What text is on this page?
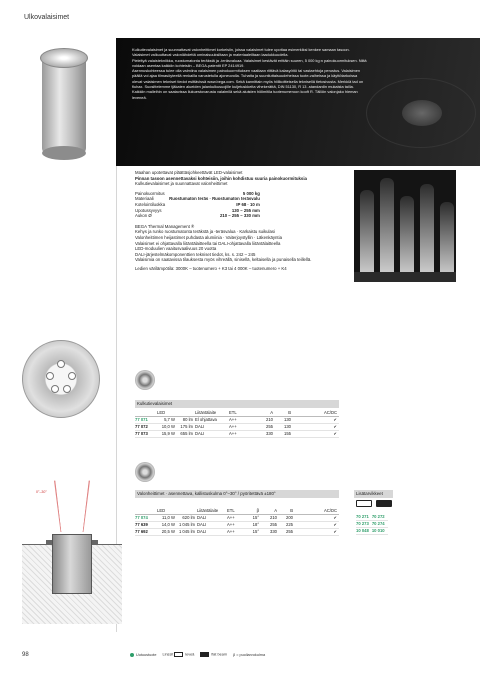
Ulkovalaisimet

Kulkutievalaisimet ja suunnattavat valonheittimet korkeisiin, joissa valaisimet tulee upottaa esimerkiksi kenkee samaan tasoon. Valaisimet valkuuttavat valonlähdettä ominaisuuksiltaan ja materiaaleiltaan laadukkuudella.

Pieleltyä valaistekniikka, ruostumatonta teräkstä ja -teräsvaluaa. Valaisimet kestävät erittäin suuren, 5 000 kg:n painokuormituksen. Niitä voidaan asentaa kaikkiin kohteisiin – BEGA-patentit EP 2414919.

Asennuskohteessa tulee olla valmiina valaisimen painokuormituksen vaatiaan riittävä kalasyöttö tai vastaehtoja perustus. Valaisimen päällä voi ajaa tilmasöyteellä renkailla varustetulla ajoneuvolla. Tuhatta ja suuntiuttaisuudeheissa tuote-valheissa ja käyttötarkoissa olevat valaisimen tekniset tiedot esittävissä www.bega.com. Sekä kannittain myös hiilikoitteisella teknisellä tietosivusta. Merkkiä tad on fiuhax. Suosittelemme tjäkaten alueiden jalankulkusuojille kuljetuskkeita vihekerättä, DIN 51130, R 13 -standardin mukaista tailia. Kaikkiin malleihin on saatavissa liukuestovarusta valaimilä sekä aluisten hölimitila tuotenumeroon kooft R. Tällöin valonjako hieman leveneä.

Maahan upotettavat pläättäsjohkeettävät LED-valaisimet
Pinnan tasoon asennettavaksi kohteisiin, joihin kohdistuu suuria painokuormituksia
Kulkutievalaisimet ja suunnattavat valonheittimet
Painokuormitus	5 000 kg
Materiaali	Ruostumaton teräs · Ruostumaton teräsvalu
Kotelointiluokka	IP 68 · 10 m
Upotussyvyys	130 – 255 mm
Aukon Ø	210 – 255 – 330 mm
BEGA Thermal Management ®
Kehys ja runko ruostumatonta teräkstä ja -teräsvalua · Karkaistu suikulasi
Valonheittimen heijastimet puhdasta alumiinia · Vaiterjoystyllin · Läkenkäyntia
Valaisimet ei ohjattavalla liitäntälaitteella tai DALI-ohjattavalla liitäntälaitteella
LED-moduulien vaaitusvaalivuus 20 vuotta
DALI-järjestelmäkomponenttien tekniset tiedot, ks. s. 242 – 245
Valaisimia on saatavissa tilauksesta myös vihreällä, sinisellä, keltaisella ja punaisella teillellä.
Ledien värilämpötila: 3000K – tuotenumero + K3 tai 4 000K – tuotenumero + K4
Kulkutievalaisimet
	LED		Liitäntälaite	ETL	A	B	AC/DC
77 071	5,7 W	80 lm	El ohjattava	A++	210	130	✔
77 072	10,0 W	175 lm	DALI	A++	255	130	✔
77 073	15,9 W	655 lm	DALI	A++	330	155	✔
0°–30°	Valonheittimet · asennettava, kallistuskulma 0°–30° / pyöritettävä ±180°	Lisätarvikkeet
	LED		Liitäntälaite	ETL	β	A	B	AC/DC
77 074	11,0 W	620 lm	DALI	A++	15°	210	200	✔
77 639	14,0 W	1 045 lm	DALI	A++	18°	255	225	✔
77 692	20,5 W	1 045 lm	DALI	A++	15°	330	255	✔
70 271	70 272
70 273	70 274
10 048	10 010
98	Uutuustuote Linssit	leveä	flat beam β = puoliarvokulma
